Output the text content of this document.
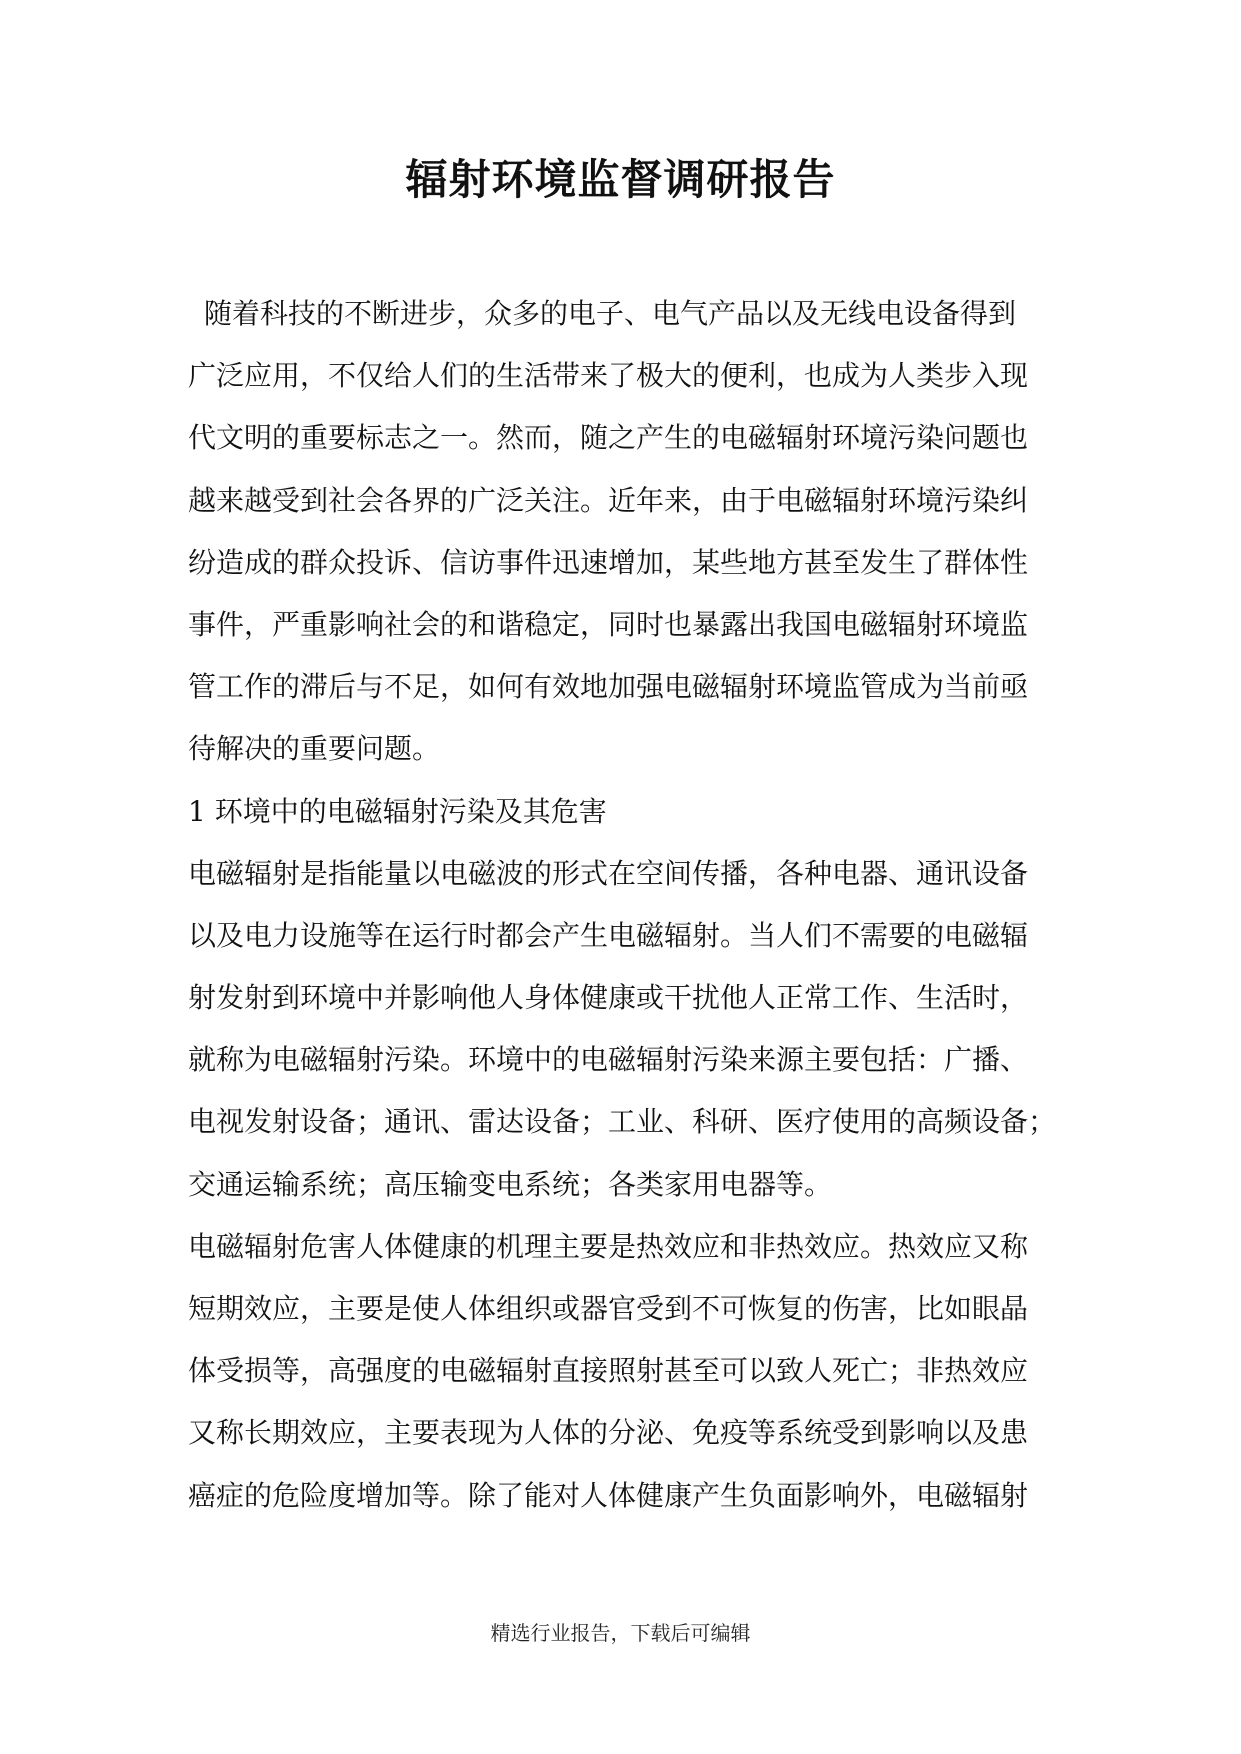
辐射环境监督调研报告

随着科技的不断进步，众多的电子、电气产品以及无线电设备得到

广泛应用，不仅给人们的生活带来了极大的便利，也成为人类步入现

代文明的重要标志之一。然而，随之产生的电磁辐射环境污染问题也

越来越受到社会各界的广泛关注。近年来，由于电磁辐射环境污染纠

纷造成的群众投诉、信访事件迅速增加，某些地方甚至发生了群体性

事件，严重影响社会的和谐稳定，同时也暴露出我国电磁辐射环境监

管工作的滞后与不足，如何有效地加强电磁辐射环境监管成为当前亟

待解决的重要问题。

1 环境中的电磁辐射污染及其危害

电磁辐射是指能量以电磁波的形式在空间传播，各种电器、通讯设备

以及电力设施等在运行时都会产生电磁辐射。当人们不需要的电磁辐

射发射到环境中并影响他人身体健康或干扰他人正常工作、生活时，

就称为电磁辐射污染。环境中的电磁辐射污染来源主要包括：广播、

电视发射设备；通讯、雷达设备；工业、科研、医疗使用的高频设备；

交通运输系统；高压输变电系统；各类家用电器等。

电磁辐射危害人体健康的机理主要是热效应和非热效应。热效应又称

短期效应，主要是使人体组织或器官受到不可恢复的伤害，比如眼晶

体受损等，高强度的电磁辐射直接照射甚至可以致人死亡；非热效应

又称长期效应，主要表现为人体的分泌、免疫等系统受到影响以及患

癌症的危险度增加等。除了能对人体健康产生负面影响外，电磁辐射

精选行业报告，下载后可编辑
